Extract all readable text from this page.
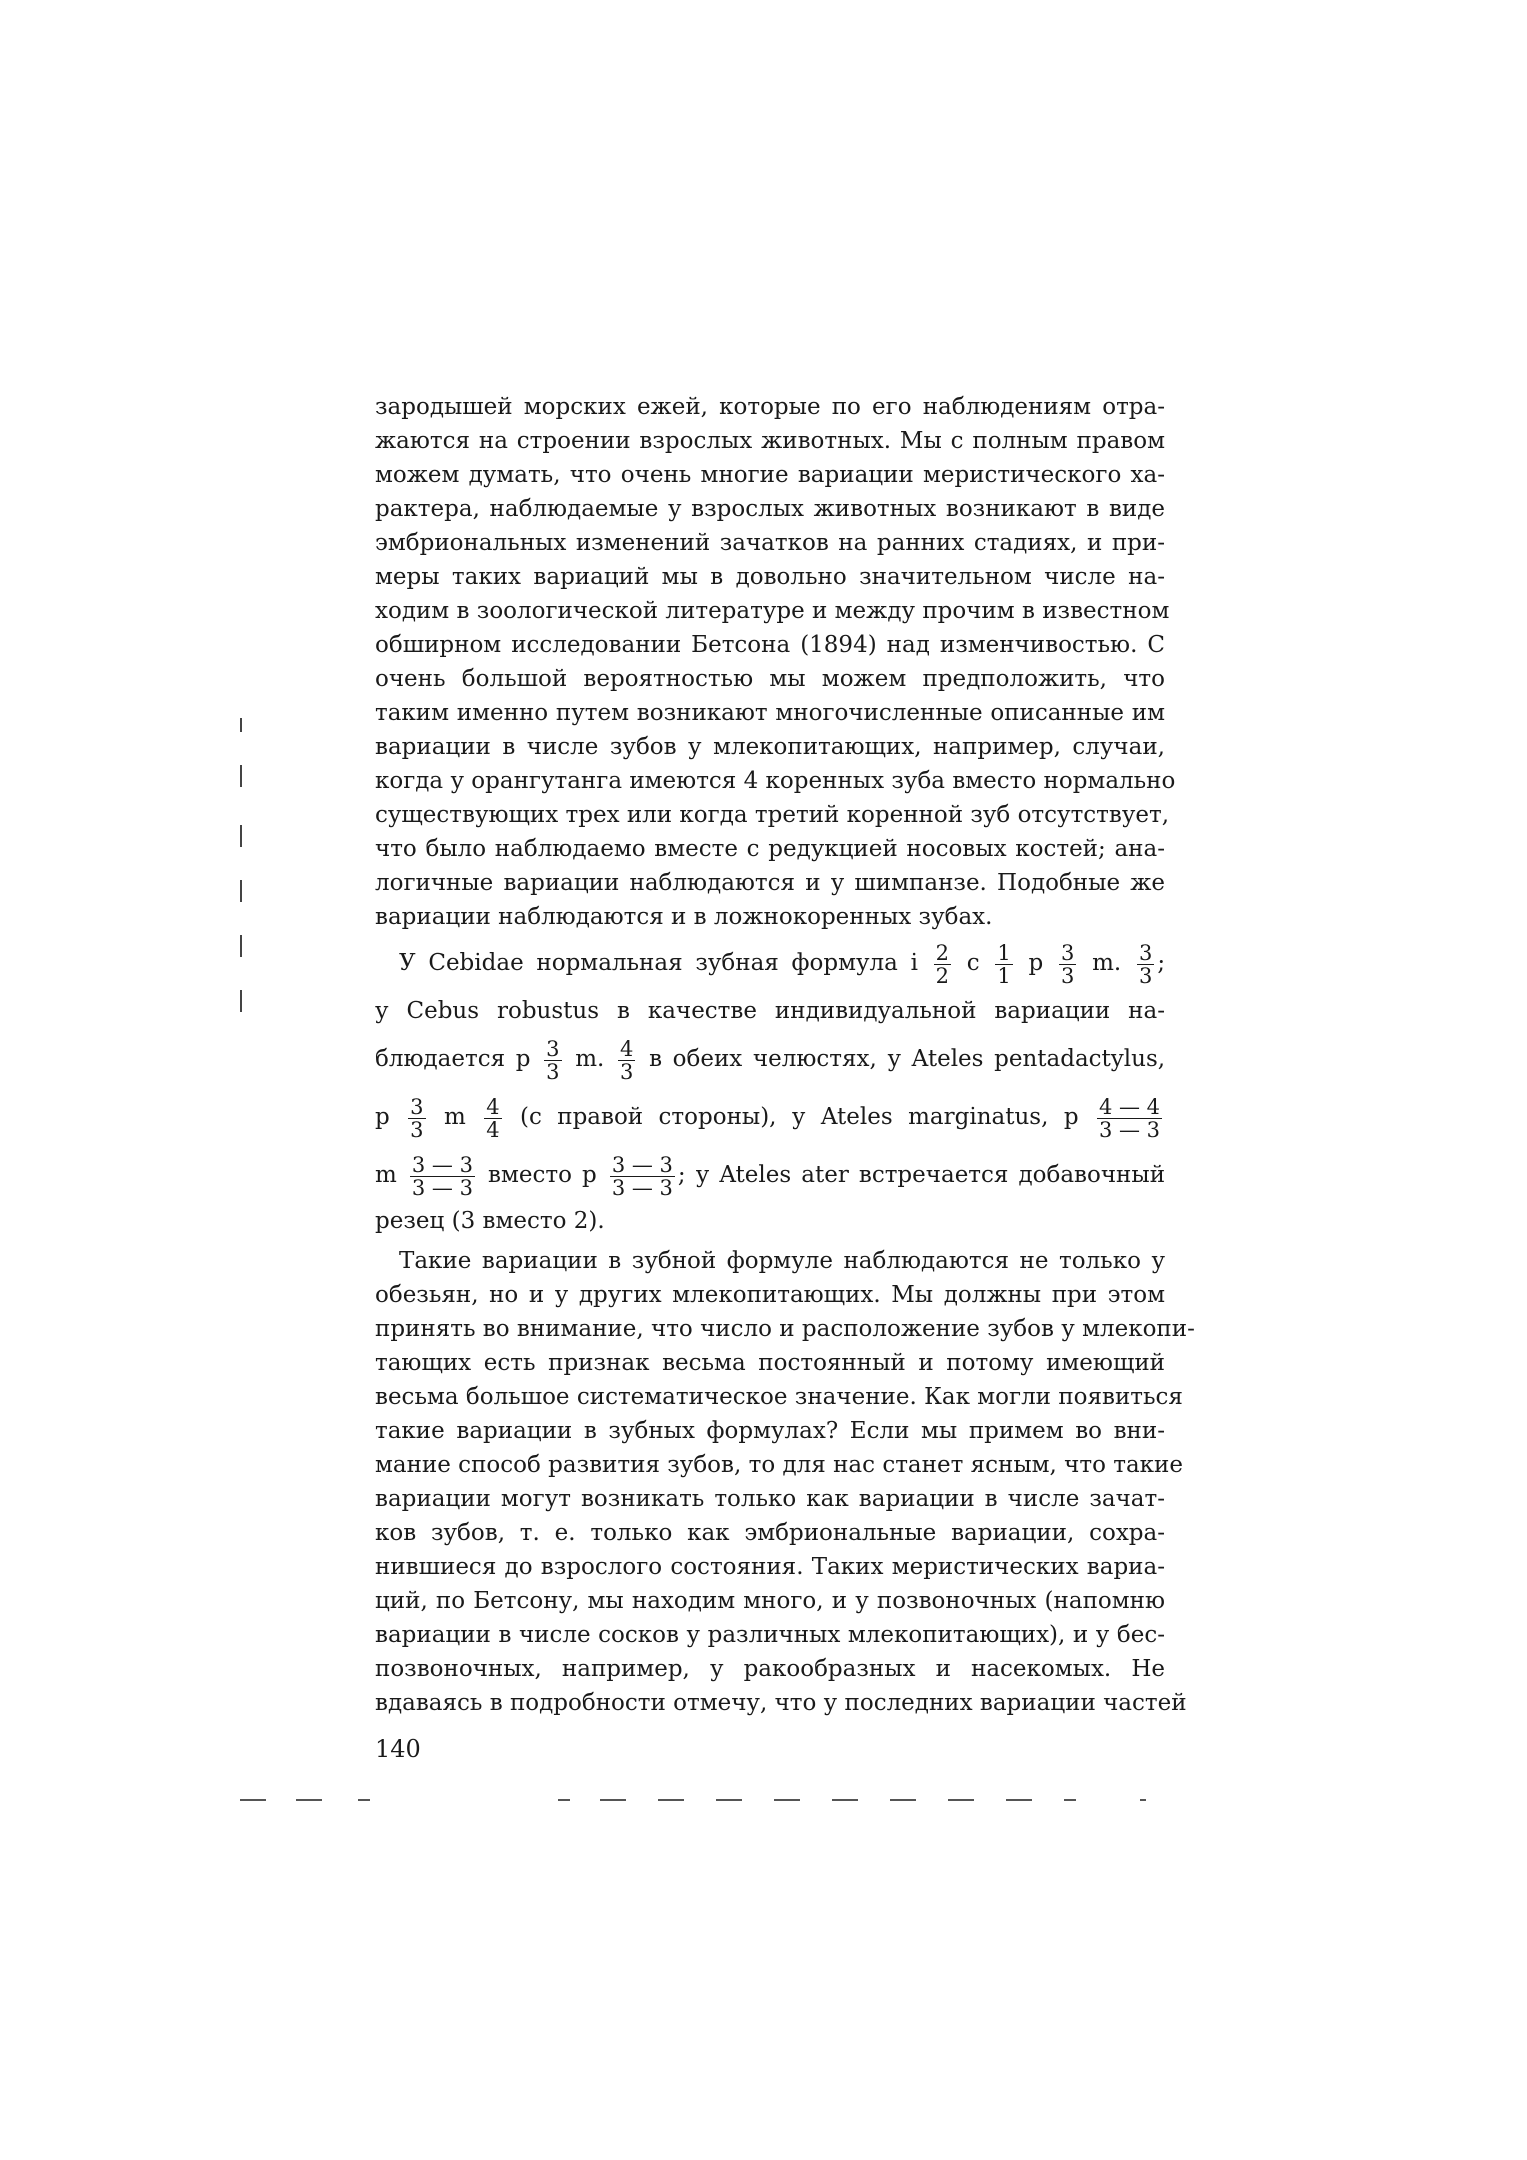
зародышей морских ежей, которые по его наблюдениям отра-
жаются на строении взрослых животных. Мы с полным правом
можем думать, что очень многие вариации меристического ха-
рактера, наблюдаемые у взрослых животных возникают в виде
эмбриональных изменений зачатков на ранних стадиях, и при-
меры таких вариаций мы в довольно значительном числе на-
ходим в зоологической литературе и между прочим в известном
обширном исследовании Бетсона (1894) над изменчивостью. С
очень большой вероятностью мы можем предположить, что
таким именно путем возникают многочисленные описанные им
вариации в числе зубов у млекопитающих, например, случаи,
когда у орангутанга имеются 4 коренных зуба вместо нормально
существующих трех или когда третий коренной зуб отсутствует,
что было наблюдаемо вместе с редукцией носовых костей; ана-
логичные вариации наблюдаются и у шимпанзе. Подобные же
вариации наблюдаются и в ложнокоренных зубах.
У Cebidae нормальная зубная формула i $\frac{2}{2}$ c $\frac{1}{1}$ p $\frac{3}{3} m$. $\frac{3}{3}$ ;
у Cebus robustus в качестве индивидуальной вариации на-
блюдается p $\frac{3}{3} m$. $\frac{4}{3}$ в обеих челюстях, у Ateles pentadactylus,
p $\frac{3}{3}$ m $\frac{4}{4} (с$ правой стороны), у Ateles marginatus, p $\frac{4 — 4}{3 — 3}$
m $\frac{3 — 3}{3 — 3}$ вместо p $\frac{3 — 3}{3 — 3}$ ; у Ateles ater встречается добавочный
резец (3 вместо 2).
Такие вариации в зубной формуле наблюдаются не только у
обезьян, но и у других млекопитающих. Мы должны при этом
принять во внимание, что число и расположение зубов у млекопи-
тающих есть признак весьма постоянный и потому имеющий
весьма большое систематическое значение. Как могли появиться
такие вариации в зубных формулах? Если мы примем во вни-
мание способ развития зубов, то для нас станет ясным, что такие
вариации могут возникать только как вариации в числе зачат-
ков зубов, т. е. только как эмбриональные вариации, сохра-
нившиеся до взрослого состояния. Таких меристических вариа-
ций, по Бетсону, мы находим много, и у позвоночных (напомню
вариации в числе сосков у различных млекопитающих), и у бес-
позвоночных, например, у ракообразных и насекомых. Не
вдаваясь в подробности отмечу, что у последних вариации частей
140
